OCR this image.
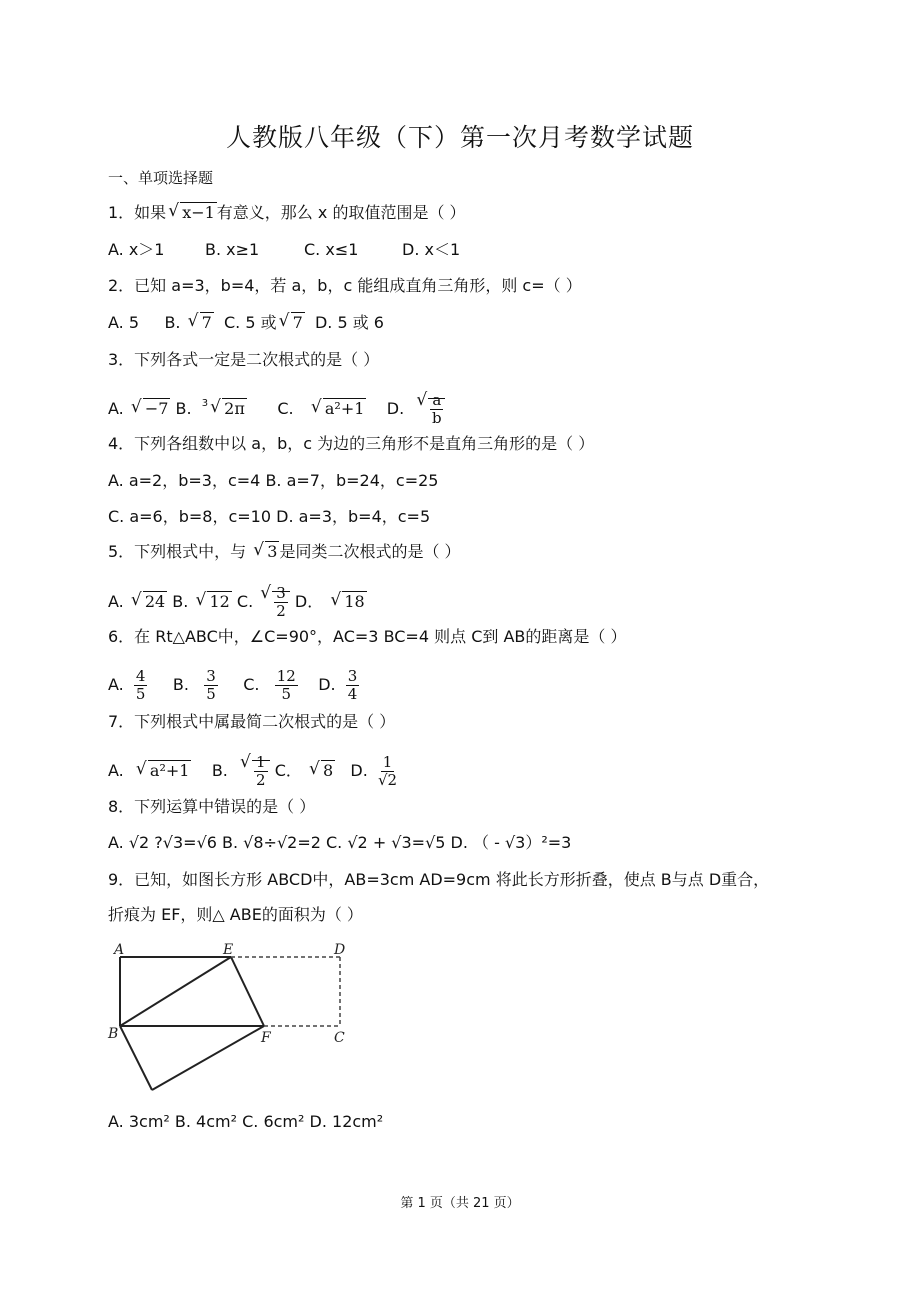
人教版八年级（下）第一次月考数学试题
一、单项选择题
1．如果 √ x−1 有意义，那么 x 的取值范围是（ ）
A. x＞1	B. x≥1	C. x≤1	D. x＜1
2．已知 a=3，b=4，若 a，b，c 能组成直角三角形，则 c=（ ）
A. 5 B. √ 7 C. 5 或 √ 7 D. 5 或 6
3．下列各式一定是二次根式的是（ ）
A. √ −7 B. $^3$ √ 2π C. √ a²+1 D. √ $\frac{a}{b}$
4．下列各组数中以 a，b，c 为边的三角形不是直角三角形的是（ ）
A. a=2，b=3，c=4 B. a=7，b=24，c=25
C. a=6，b=8，c=10 D. a=3，b=4，c=5
5．下列根式中，与 √ 3 是同类二次根式的是（ ）
A. √ 24 B. √ 12 C. √ $\frac{3}{2}$ D． √ 18
6．在 Rt△ABC中，∠C=90°，AC=3 BC=4 则点 C到 AB的距离是（ ）
A. $\frac{4}{5} B$. $\frac{3}{5} C$. $\frac{12}{5} D$. $\frac{3}{4}$
7．下列根式中属最简二次根式的是（ ）
A. √ a²+1 B. √ $\frac{1}{2}$ C． √ 8 D. $\frac{1}{√2}$
8．下列运算中错误的是（ ）
A. √2 ?√3=√6 B. √8÷√2=2 C. √2 + √3=√5 D. （ - √3）²=3
9．已知，如图长方形 ABCD中，AB=3cm AD=9cm 将此长方形折叠，使点 B与点 D重合，
折痕为 EF，则△ ABE的面积为（ ）
A	E	D
B	F	C
A. 3cm² B. 4cm² C. 6cm² D. 12cm²
第 1 页（共 21 页）
